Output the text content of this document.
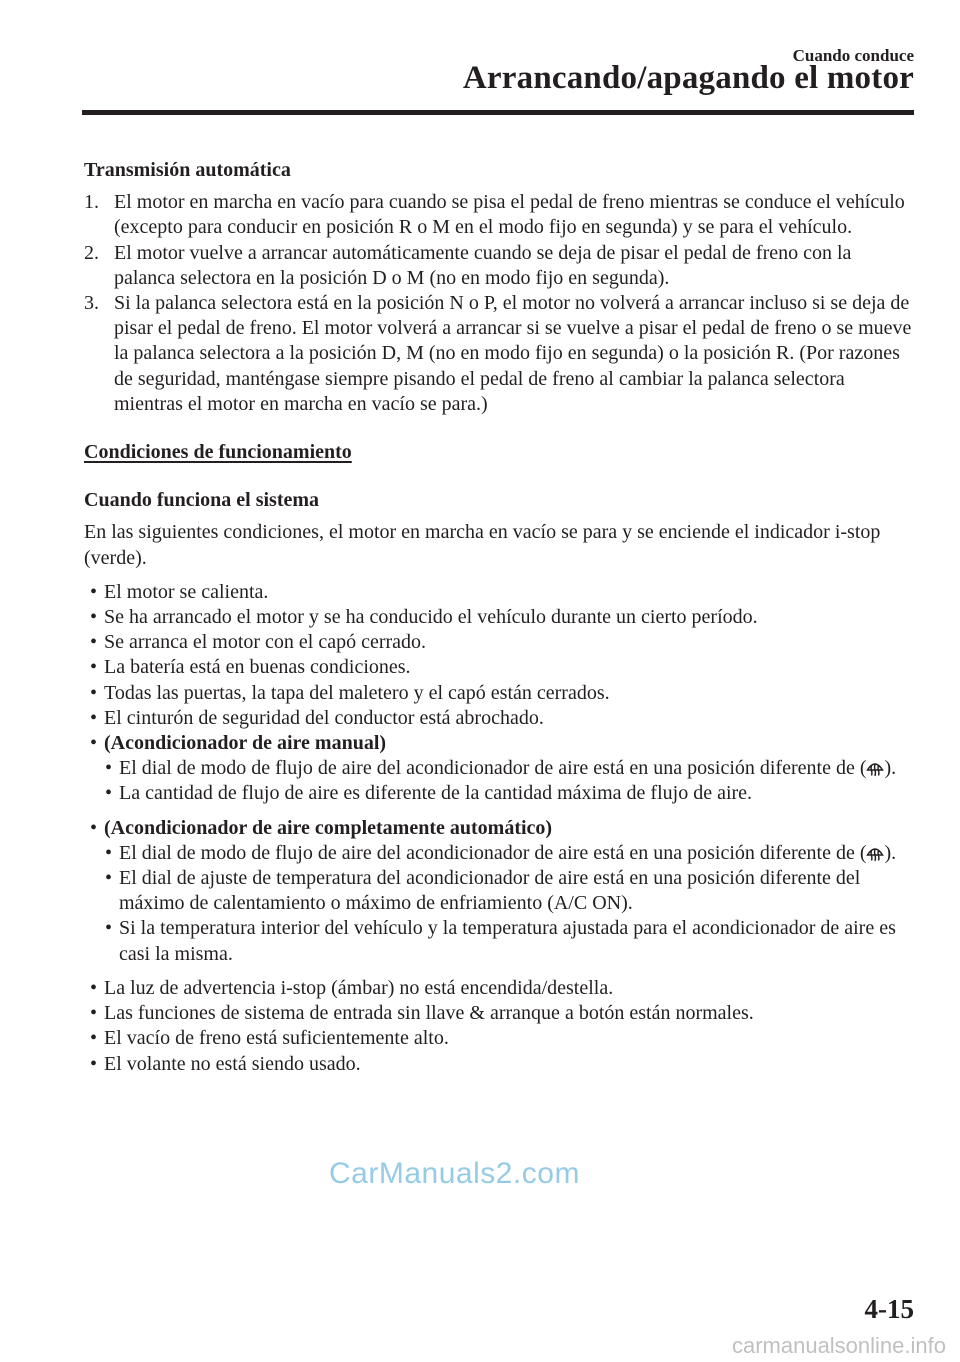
Cuando conduce
Arrancando/apagando el motor
Transmisión automática
1. El motor en marcha en vacío para cuando se pisa el pedal de freno mientras se conduce el vehículo (excepto para conducir en posición R o M en el modo fijo en segunda) y se para el vehículo.
2. El motor vuelve a arrancar automáticamente cuando se deja de pisar el pedal de freno con la palanca selectora en la posición D o M (no en modo fijo en segunda).
3. Si la palanca selectora está en la posición N o P, el motor no volverá a arrancar incluso si se deja de pisar el pedal de freno. El motor volverá a arrancar si se vuelve a pisar el pedal de freno o se mueve la palanca selectora a la posición D, M (no en modo fijo en segunda) o la posición R. (Por razones de seguridad, manténgase siempre pisando el pedal de freno al cambiar la palanca selectora mientras el motor en marcha en vacío se para.)
Condiciones de funcionamiento
Cuando funciona el sistema
En las siguientes condiciones, el motor en marcha en vacío se para y se enciende el indicador i-stop (verde).
• El motor se calienta.
• Se ha arrancado el motor y se ha conducido el vehículo durante un cierto período.
• Se arranca el motor con el capó cerrado.
• La batería está en buenas condiciones.
• Todas las puertas, la tapa del maletero y el capó están cerrados.
• El cinturón de seguridad del conductor está abrochado.
• (Acondicionador de aire manual)
• El dial de modo de flujo de aire del acondicionador de aire está en una posición diferente de ( ).
• La cantidad de flujo de aire es diferente de la cantidad máxima de flujo de aire.
• (Acondicionador de aire completamente automático)
• El dial de modo de flujo de aire del acondicionador de aire está en una posición diferente de ( ).
• El dial de ajuste de temperatura del acondicionador de aire está en una posición diferente del máximo de calentamiento o máximo de enfriamiento (A/C ON).
• Si la temperatura interior del vehículo y la temperatura ajustada para el acondicionador de aire es casi la misma.
• La luz de advertencia i-stop (ámbar) no está encendida/destella.
• Las funciones de sistema de entrada sin llave & arranque a botón están normales.
• El vacío de freno está suficientemente alto.
• El volante no está siendo usado.
CarManuals2.com
4-15
carmanualsonline.info
